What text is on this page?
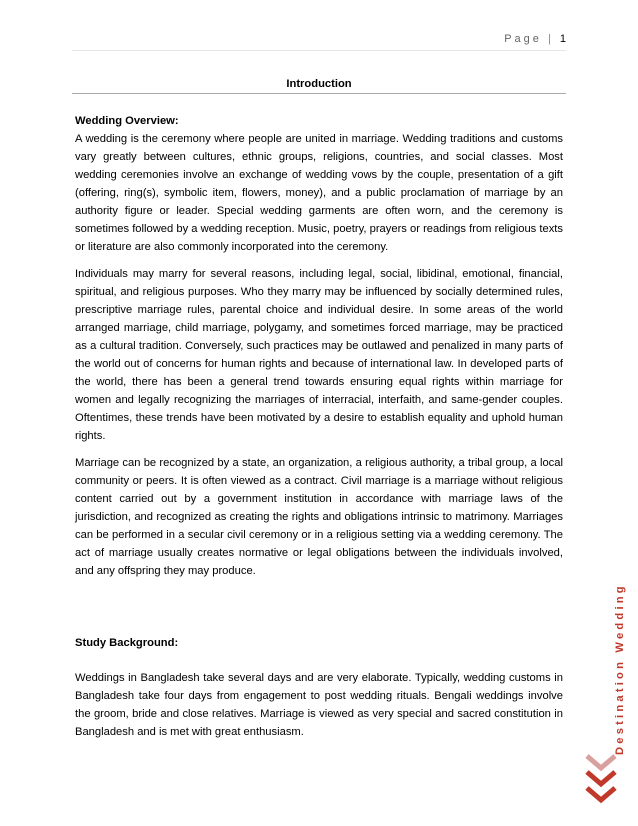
Page | 1
Introduction
Wedding Overview:

A wedding is the ceremony where people are united in marriage. Wedding traditions and customs vary greatly between cultures, ethnic groups, religions, countries, and social classes. Most wedding ceremonies involve an exchange of wedding vows by the couple, presentation of a gift (offering, ring(s), symbolic item, flowers, money), and a public proclamation of marriage by an authority figure or leader. Special wedding garments are often worn, and the ceremony is sometimes followed by a wedding reception. Music, poetry, prayers or readings from religious texts or literature are also commonly incorporated into the ceremony.

Individuals may marry for several reasons, including legal, social, libidinal, emotional, financial, spiritual, and religious purposes. Who they marry may be influenced by socially determined rules, prescriptive marriage rules, parental choice and individual desire. In some areas of the world arranged marriage, child marriage, polygamy, and sometimes forced marriage, may be practiced as a cultural tradition. Conversely, such practices may be outlawed and penalized in many parts of the world out of concerns for human rights and because of international law. In developed parts of the world, there has been a general trend towards ensuring equal rights within marriage for women and legally recognizing the marriages of interracial, interfaith, and same-gender couples. Oftentimes, these trends have been motivated by a desire to establish equality and uphold human rights.

Marriage can be recognized by a state, an organization, a religious authority, a tribal group, a local community or peers. It is often viewed as a contract. Civil marriage is a marriage without religious content carried out by a government institution in accordance with marriage laws of the jurisdiction, and recognized as creating the rights and obligations intrinsic to matrimony. Marriages can be performed in a secular civil ceremony or in a religious setting via a wedding ceremony. The act of marriage usually creates normative or legal obligations between the individuals involved, and any offspring they may produce.

Study Background:

Weddings in Bangladesh take several days and are very elaborate. Typically, wedding customs in Bangladesh take four days from engagement to post wedding rituals. Bengali weddings involve the groom, bride and close relatives. Marriage is viewed as very special and sacred constitution in Bangladesh and is met with great enthusiasm.	Destination Wedding
